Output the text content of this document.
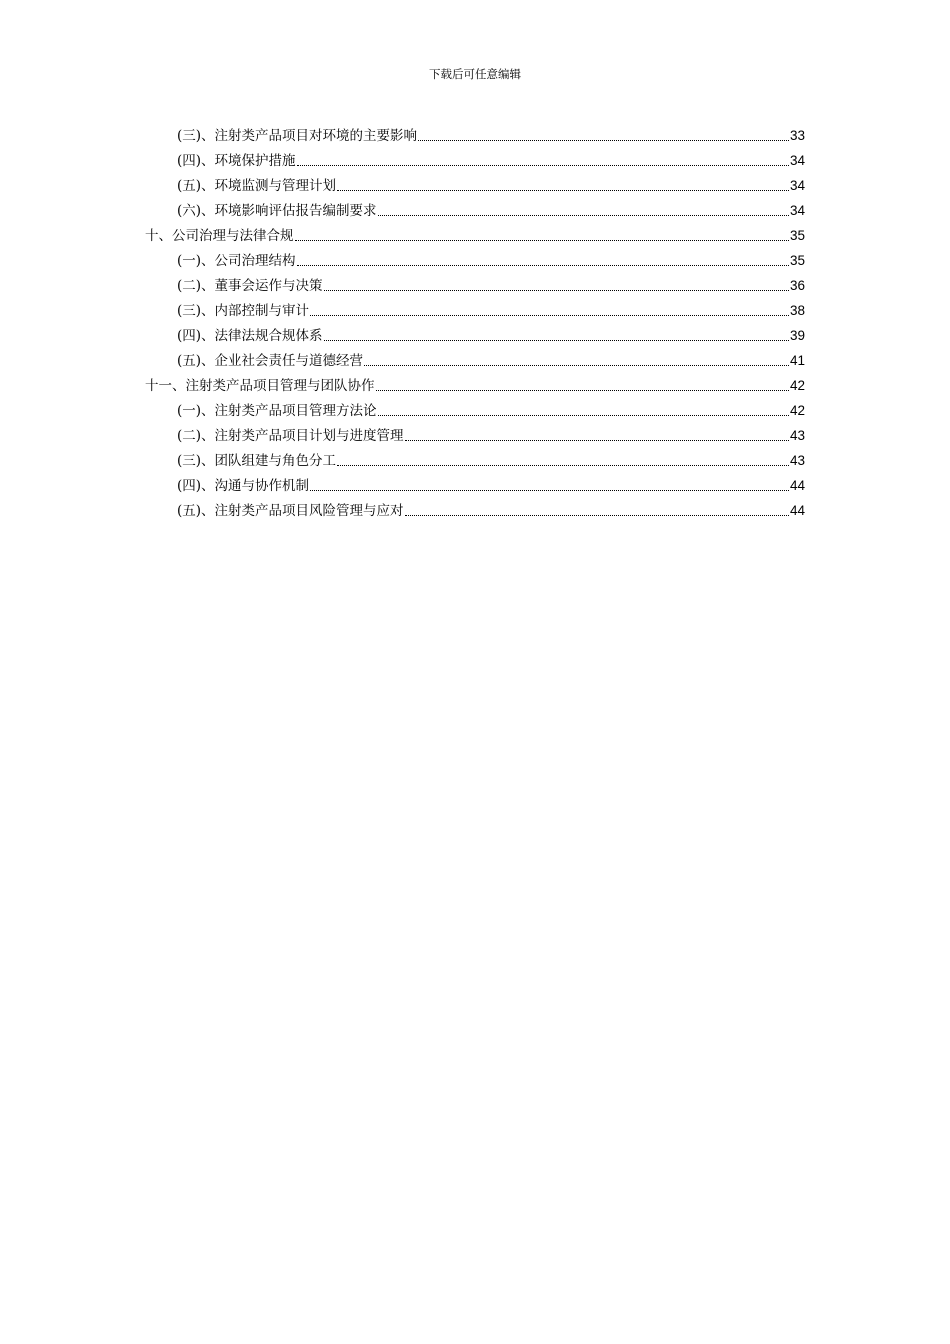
下载后可任意编辑
(三)、注射类产品项目对环境的主要影响	33
(四)、环境保护措施	34
(五)、环境监测与管理计划	34
(六)、环境影响评估报告编制要求	34
十、公司治理与法律合规	35
(一)、公司治理结构	35
(二)、董事会运作与决策	36
(三)、内部控制与审计	38
(四)、法律法规合规体系	39
(五)、企业社会责任与道德经营	41
十一、注射类产品项目管理与团队协作	42
(一)、注射类产品项目管理方法论	42
(二)、注射类产品项目计划与进度管理	43
(三)、团队组建与角色分工	43
(四)、沟通与协作机制	44
(五)、注射类产品项目风险管理与应对	44
